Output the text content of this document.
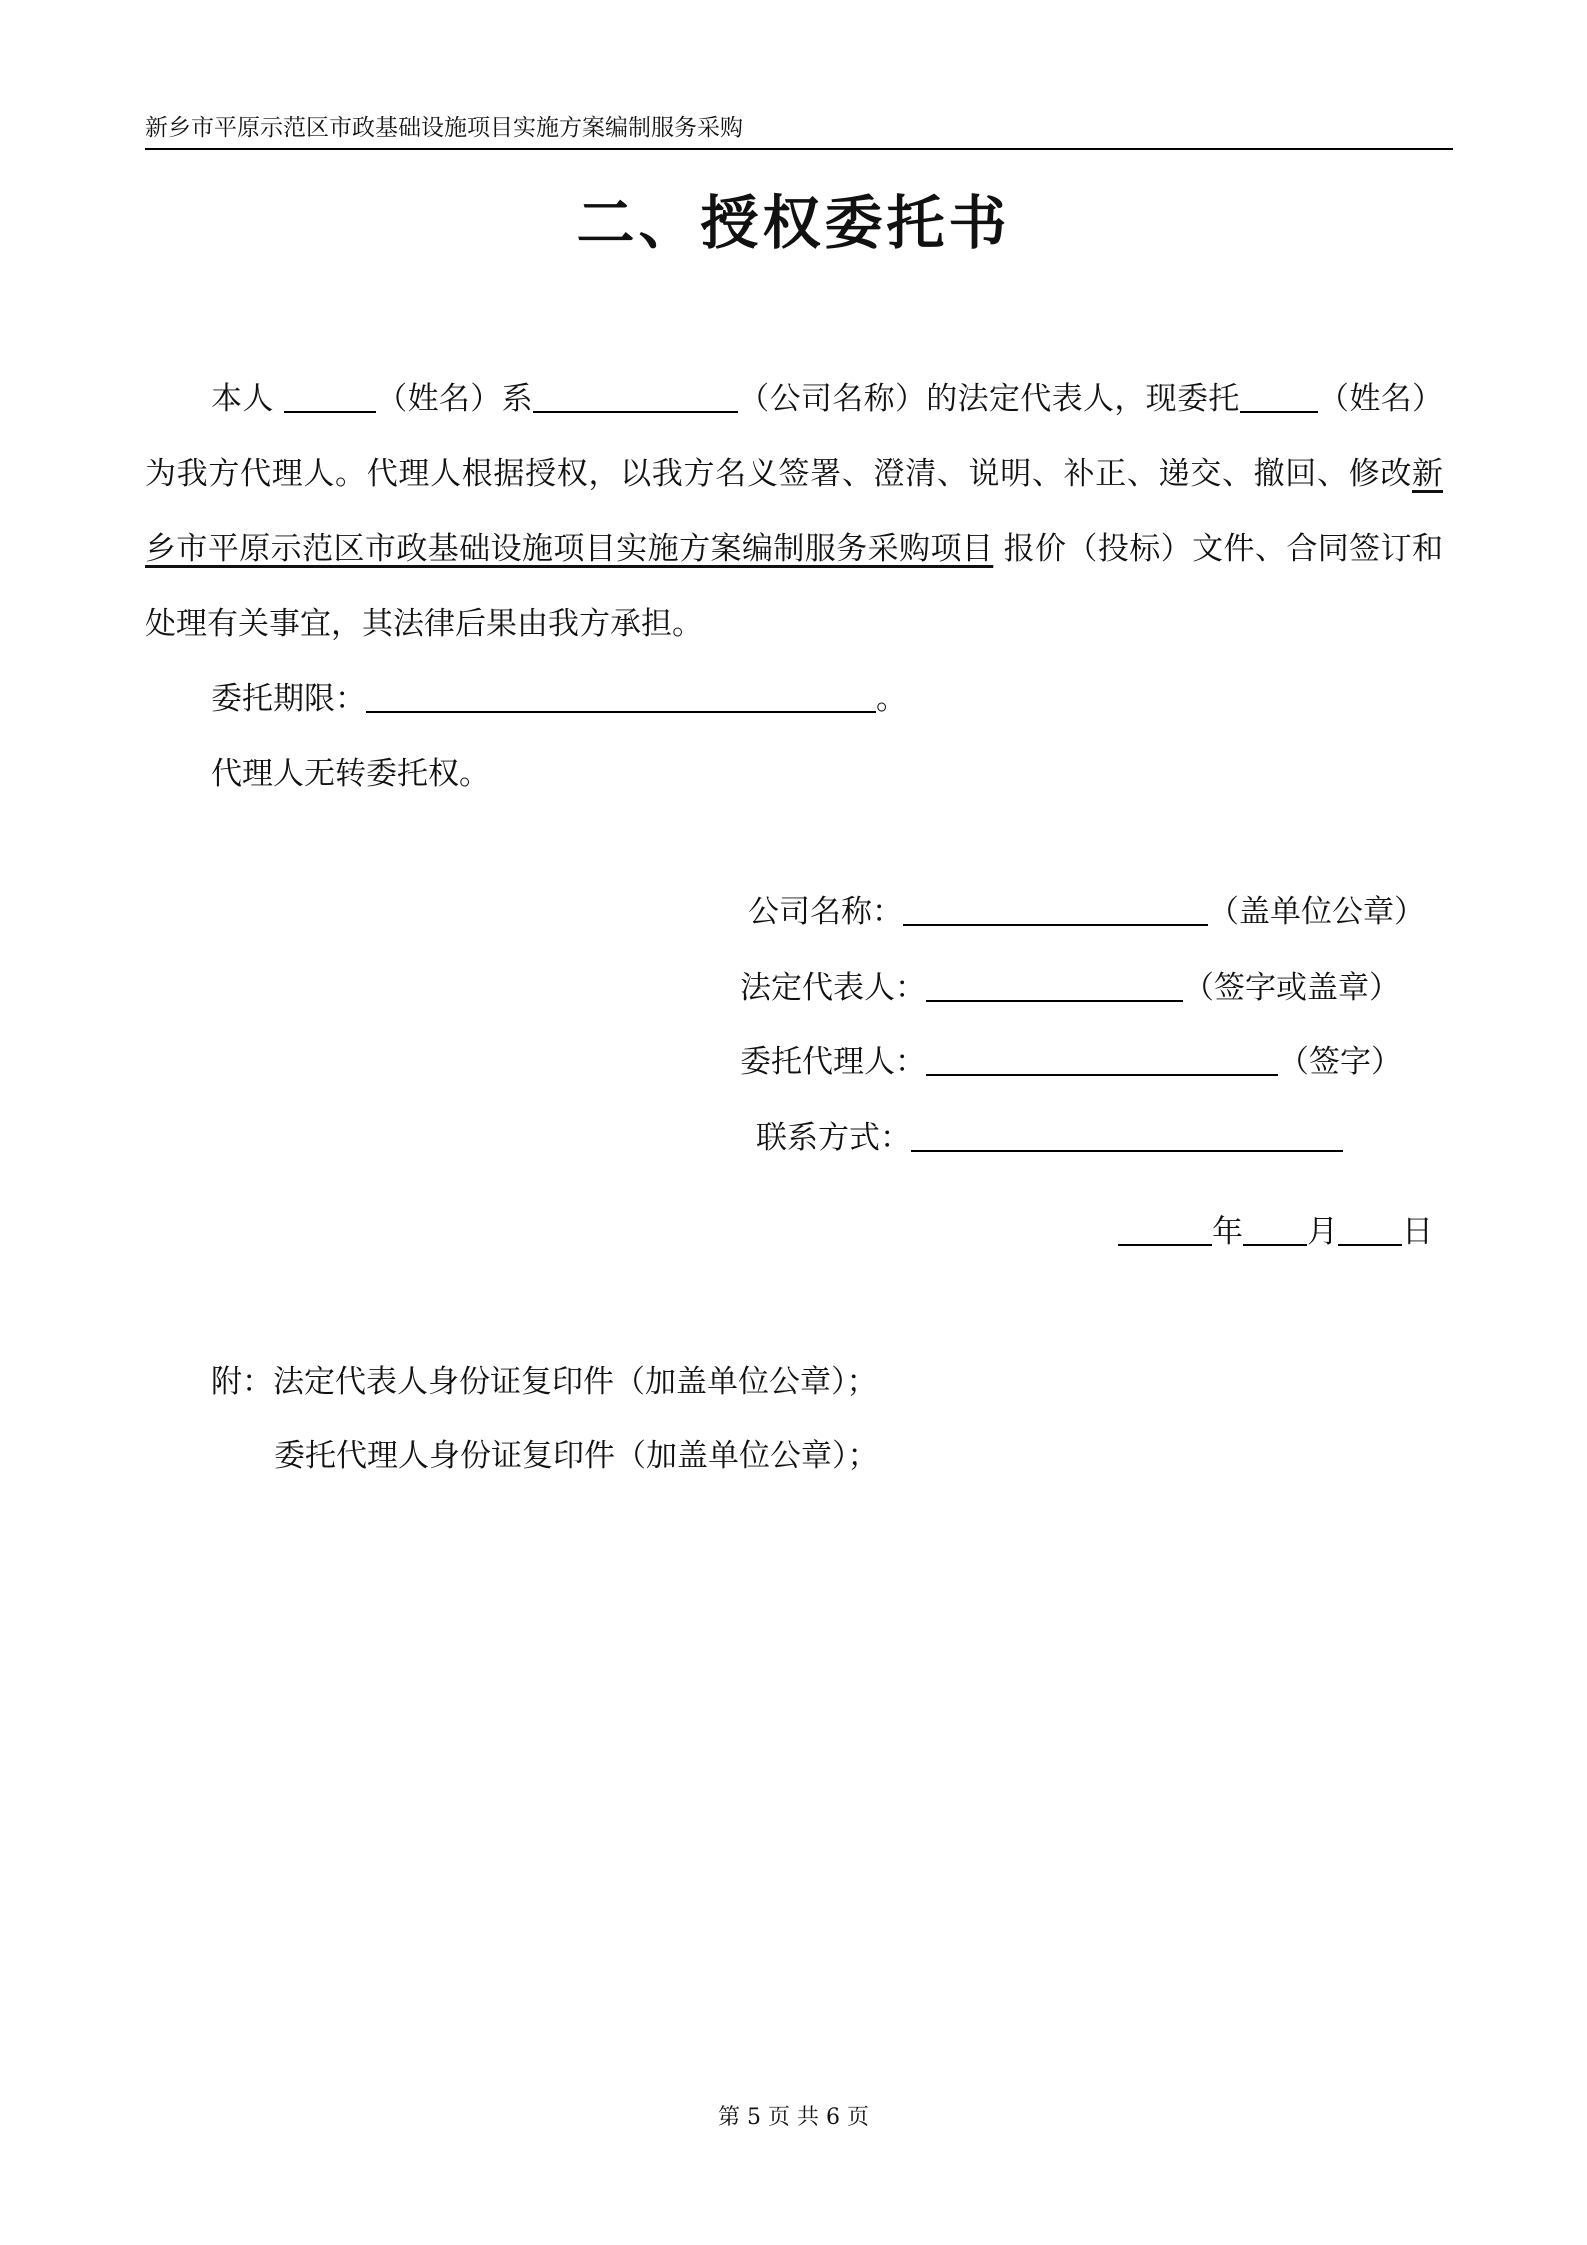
新乡市平原示范区市政基础设施项目实施方案编制服务采购
二、授权委托书

本人	（姓名）系	（公司名称）的法定代表人，现委托	（姓名）为我方代理人。代理人根据授权，以我方名义签署、澄清、说明、补正、递交、撤回、修改新乡市平原示范区市政基础设施项目实施方案编制服务采购项目 报价（投标）文件、合同签订和处理有关事宜，其法律后果由我方承担。

委托期限：	。

代理人无转委托权。

公司名称：	（盖单位公章）
法定代表人：	（签字或盖章）
委托代理人：	（签字）
联系方式：
年 月 日
附：法定代表人身份证复印件（加盖单位公章）；
委托代理人身份证复印件（加盖单位公章）；
第 5 页 共 6 页
